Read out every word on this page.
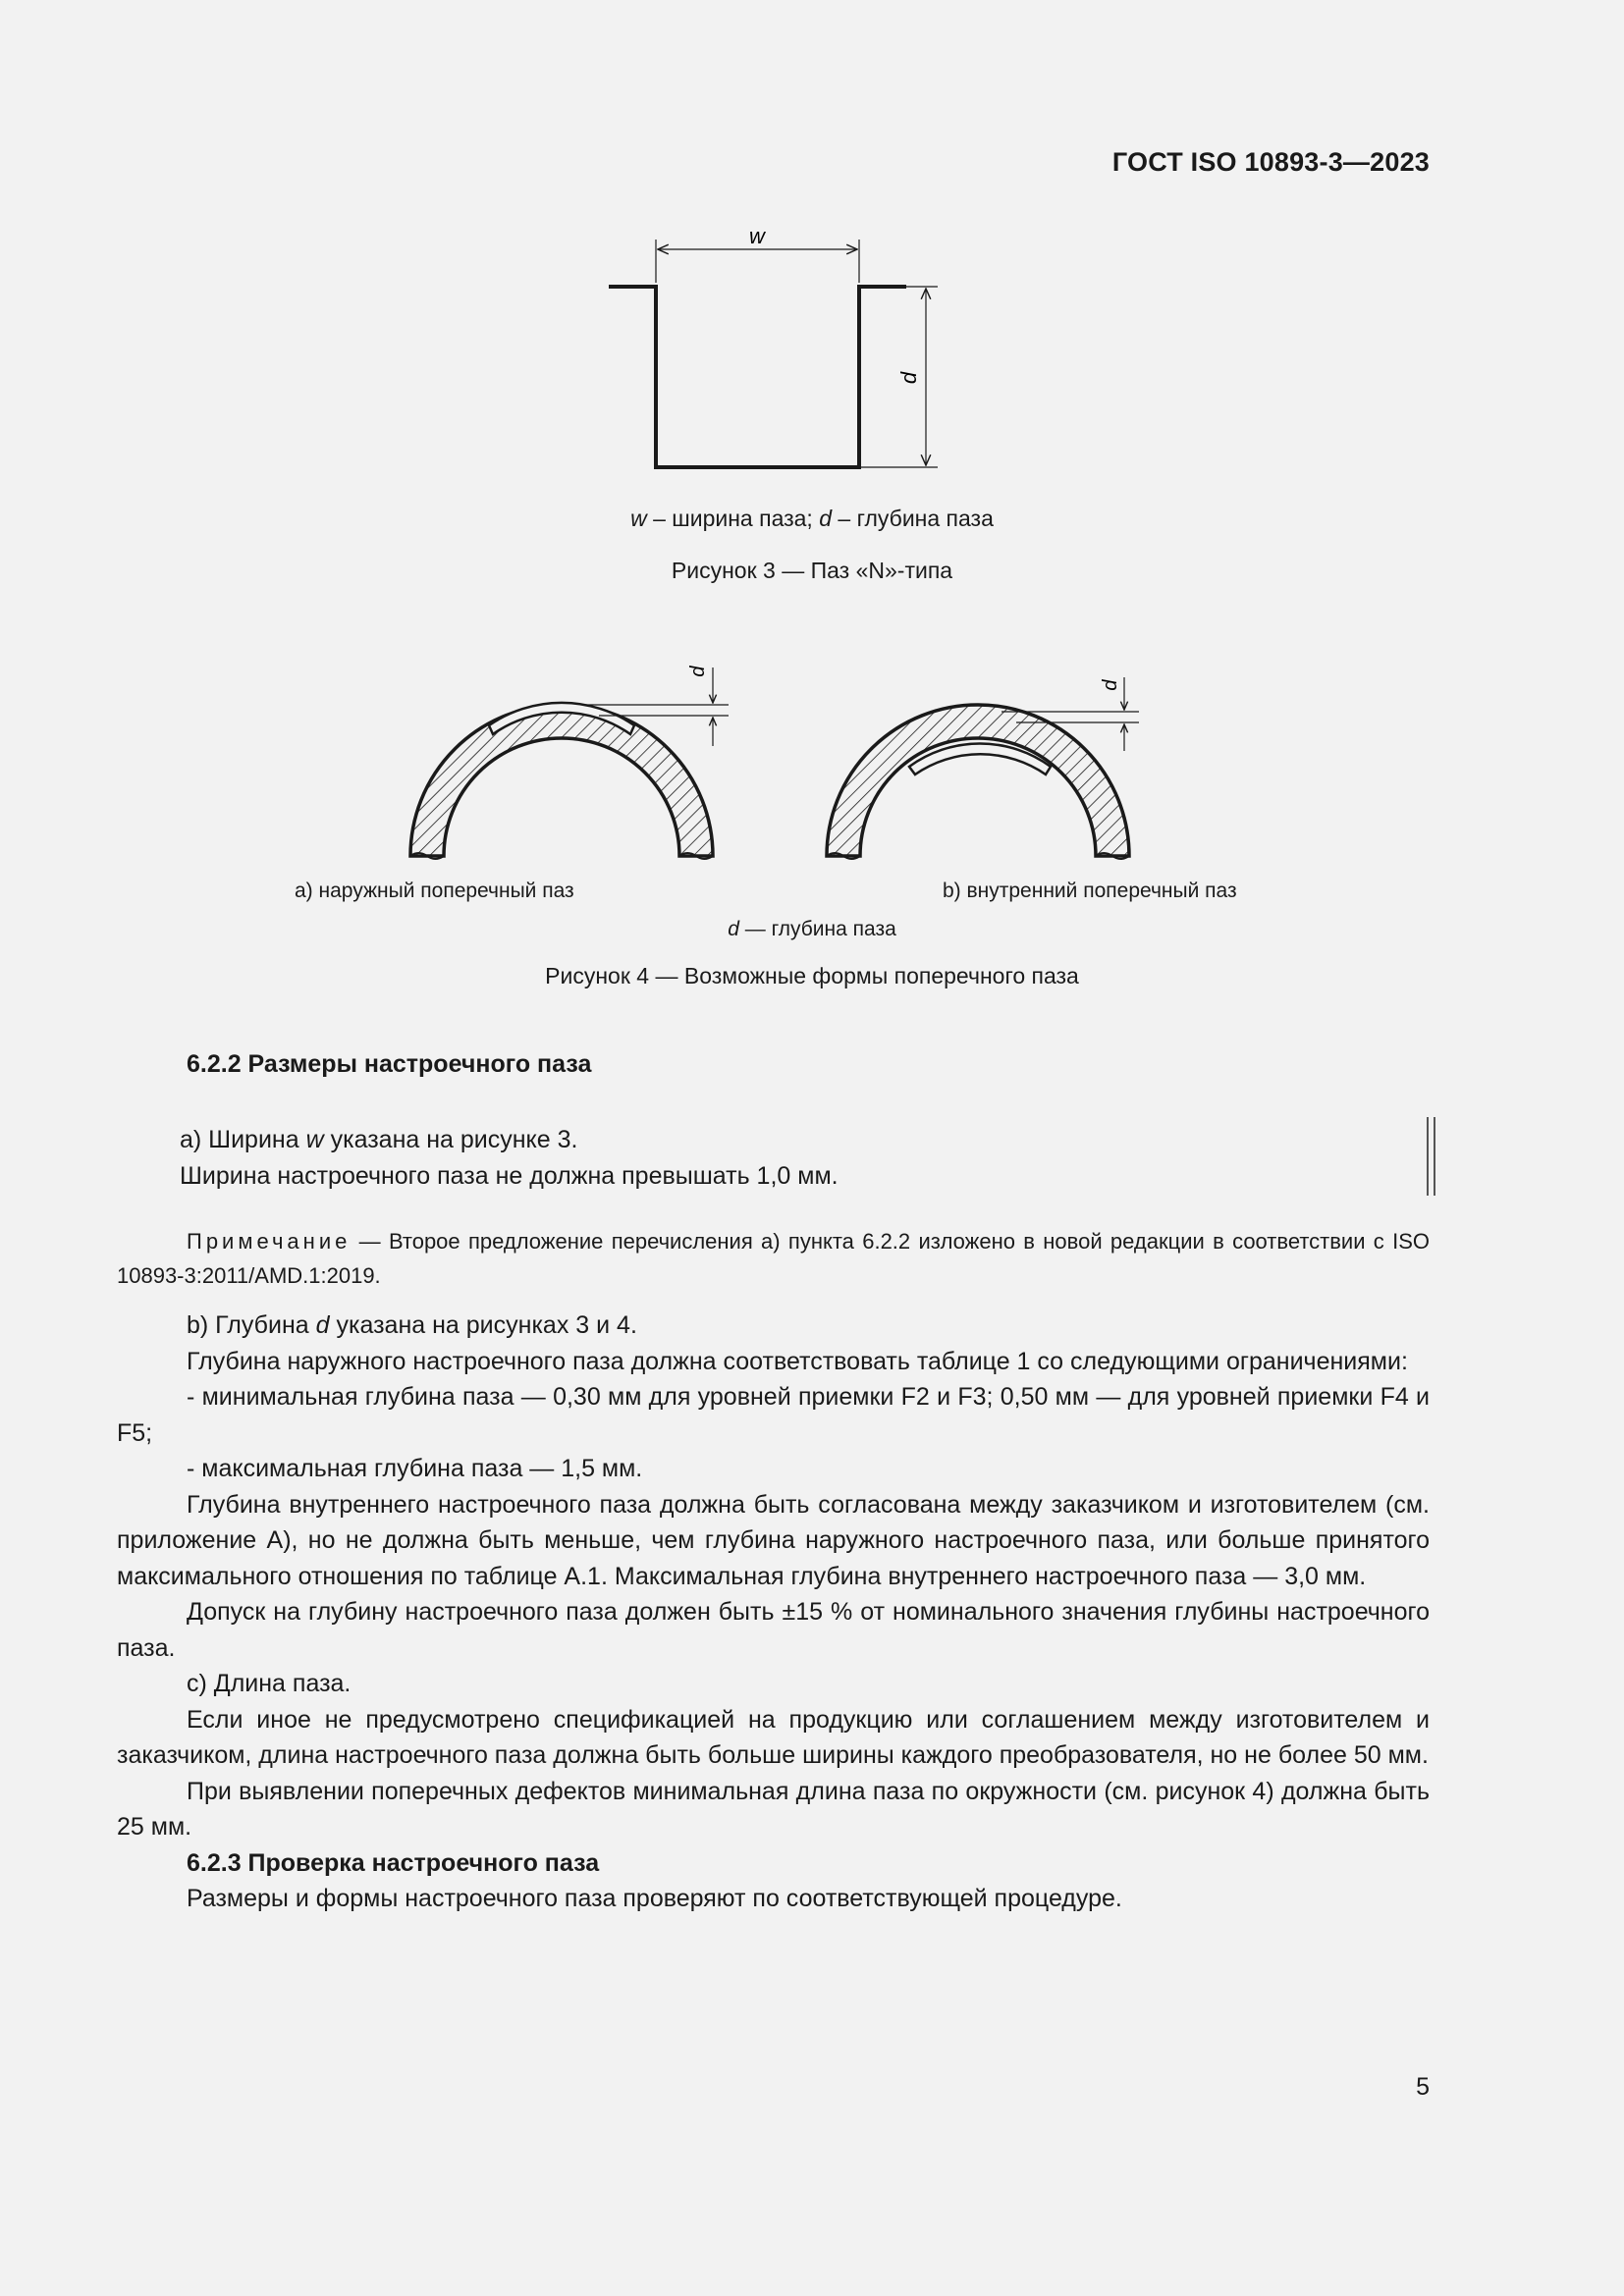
ГОСТ ISO 10893-3—2023
w
d
w – ширина паза; d – глубина паза
Рисунок 3 — Паз «N»-типа
d
d
a) наружный поперечный паз	b) внутренний поперечный паз
d — глубина паза
Рисунок 4 — Возможные формы поперечного паза

6.2.2 Размеры настроечного паза

a) Ширина w указана на рисунке 3.

Ширина настроечного паза не должна превышать 1,0 мм.

Примечание — Второе предложение перечисления а) пункта 6.2.2 изложено в новой редакции в соответствии с ISO 10893-3:2011/AMD.1:2019.

b) Глубина d указана на рисунках 3 и 4.

Глубина наружного настроечного паза должна соответствовать таблице 1 со следующими ограничениями:

- минимальная глубина паза — 0,30 мм для уровней приемки F2 и F3; 0,50 мм — для уровней приемки F4 и F5;

- максимальная глубина паза — 1,5 мм.

Глубина внутреннего настроечного паза должна быть согласована между заказчиком и изготовителем (см. приложение А), но не должна быть меньше, чем глубина наружного настроечного паза, или больше принятого максимального отношения по таблице А.1. Максимальная глубина внутреннего настроечного паза — 3,0 мм.

Допуск на глубину настроечного паза должен быть ±15 % от номинального значения глубины настроечного паза.

c) Длина паза.

Если иное не предусмотрено спецификацией на продукцию или соглашением между изготовителем и заказчиком, длина настроечного паза должна быть больше ширины каждого преобразователя, но не более 50 мм.

При выявлении поперечных дефектов минимальная длина паза по окружности (см. рисунок 4) должна быть 25 мм.

6.2.3 Проверка настроечного паза

Размеры и формы настроечного паза проверяют по соответствующей процедуре.

5
